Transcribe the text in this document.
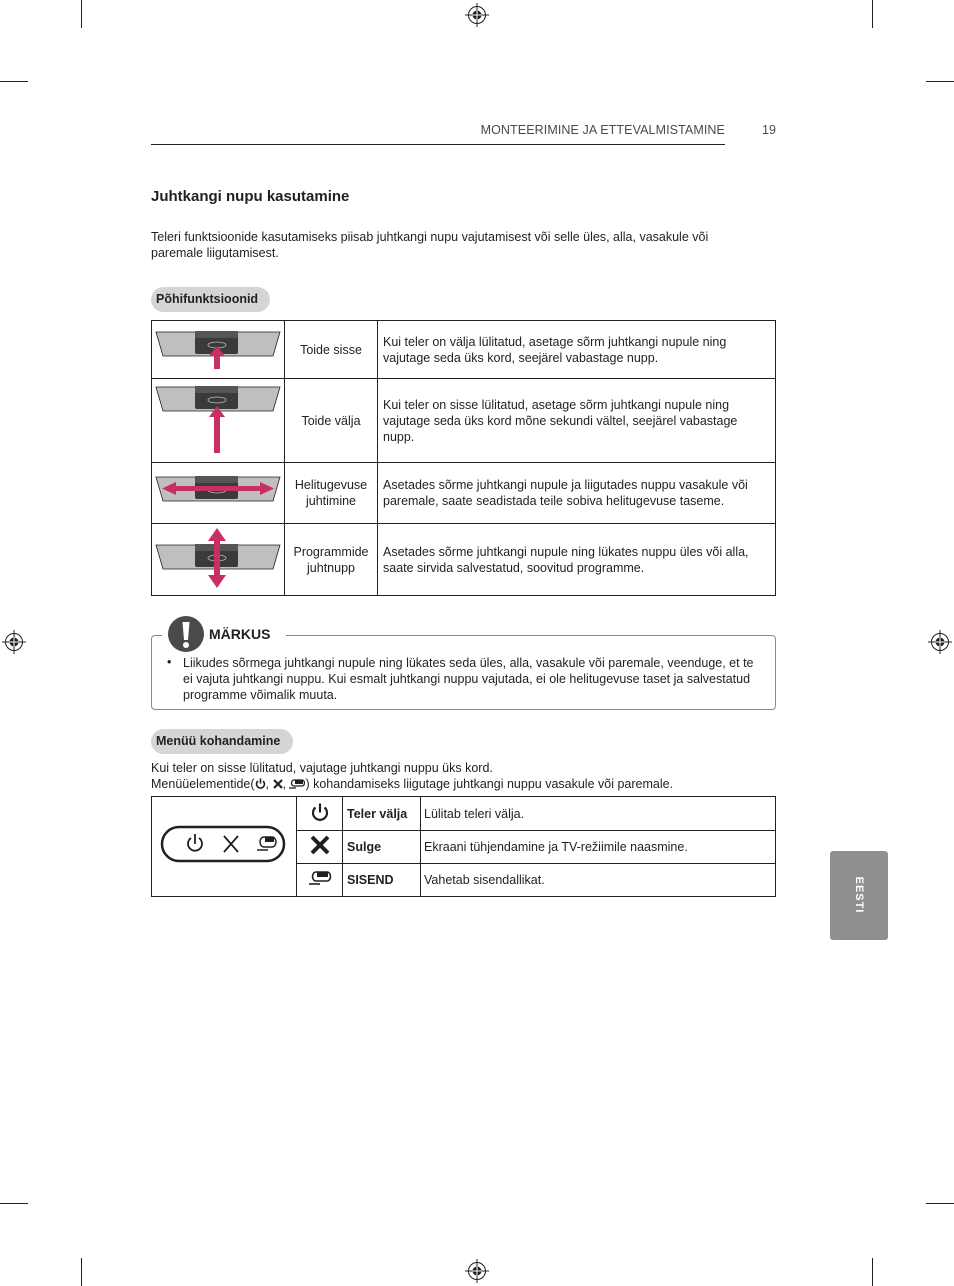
MONTEERIMINE JA ETTEVALMISTAMINE	19
Juhtkangi nupu kasutamine
Teleri funktsioonide kasutamiseks piisab juhtkangi nupu vajutamisest või selle üles, alla, vasakule või paremale liigutamisest.
Põhifunktsioonid
	Toide sisse	Kui teler on välja lülitatud, asetage sõrm juhtkangi nupule ning vajutage seda üks kord, seejärel vabastage nupp.
	Toide välja	Kui teler on sisse lülitatud, asetage sõrm juhtkangi nupule ning vajutage seda üks kord mõne sekundi vältel, seejärel vabastage nupp.
	Helitugevuse juhtimine	Asetades sõrme juhtkangi nupule ja liigutades nuppu vasakule või paremale, saate seadistada teile sobiva helitugevuse taseme.
	Programmide juhtnupp	Asetades sõrme juhtkangi nupule ning lükates nuppu üles või alla, saate sirvida salvestatud, soovitud programme.
MÄRKUS
• Liikudes sõrmega juhtkangi nupule ning lükates seda üles, alla, vasakule või paremale, veenduge, et te ei vajuta juhtkangi nuppu. Kui esmalt juhtkangi nuppu vajutada, ei ole helitugevuse taset ja salvestatud programme võimalik muuta.
Menüü kohandamine
Kui teler on sisse lülitatud, vajutage juhtkangi nuppu üks kord.
Menüüelementide( , , ) kohandamiseks liigutage juhtkangi nuppu vasakule või paremale.
		Teler välja	Lülitab teleri välja.
	Sulge	Ekraani tühjendamine ja TV-režiimile naasmine.
	SISEND	Vahetab sisendallikat.	EESTI
